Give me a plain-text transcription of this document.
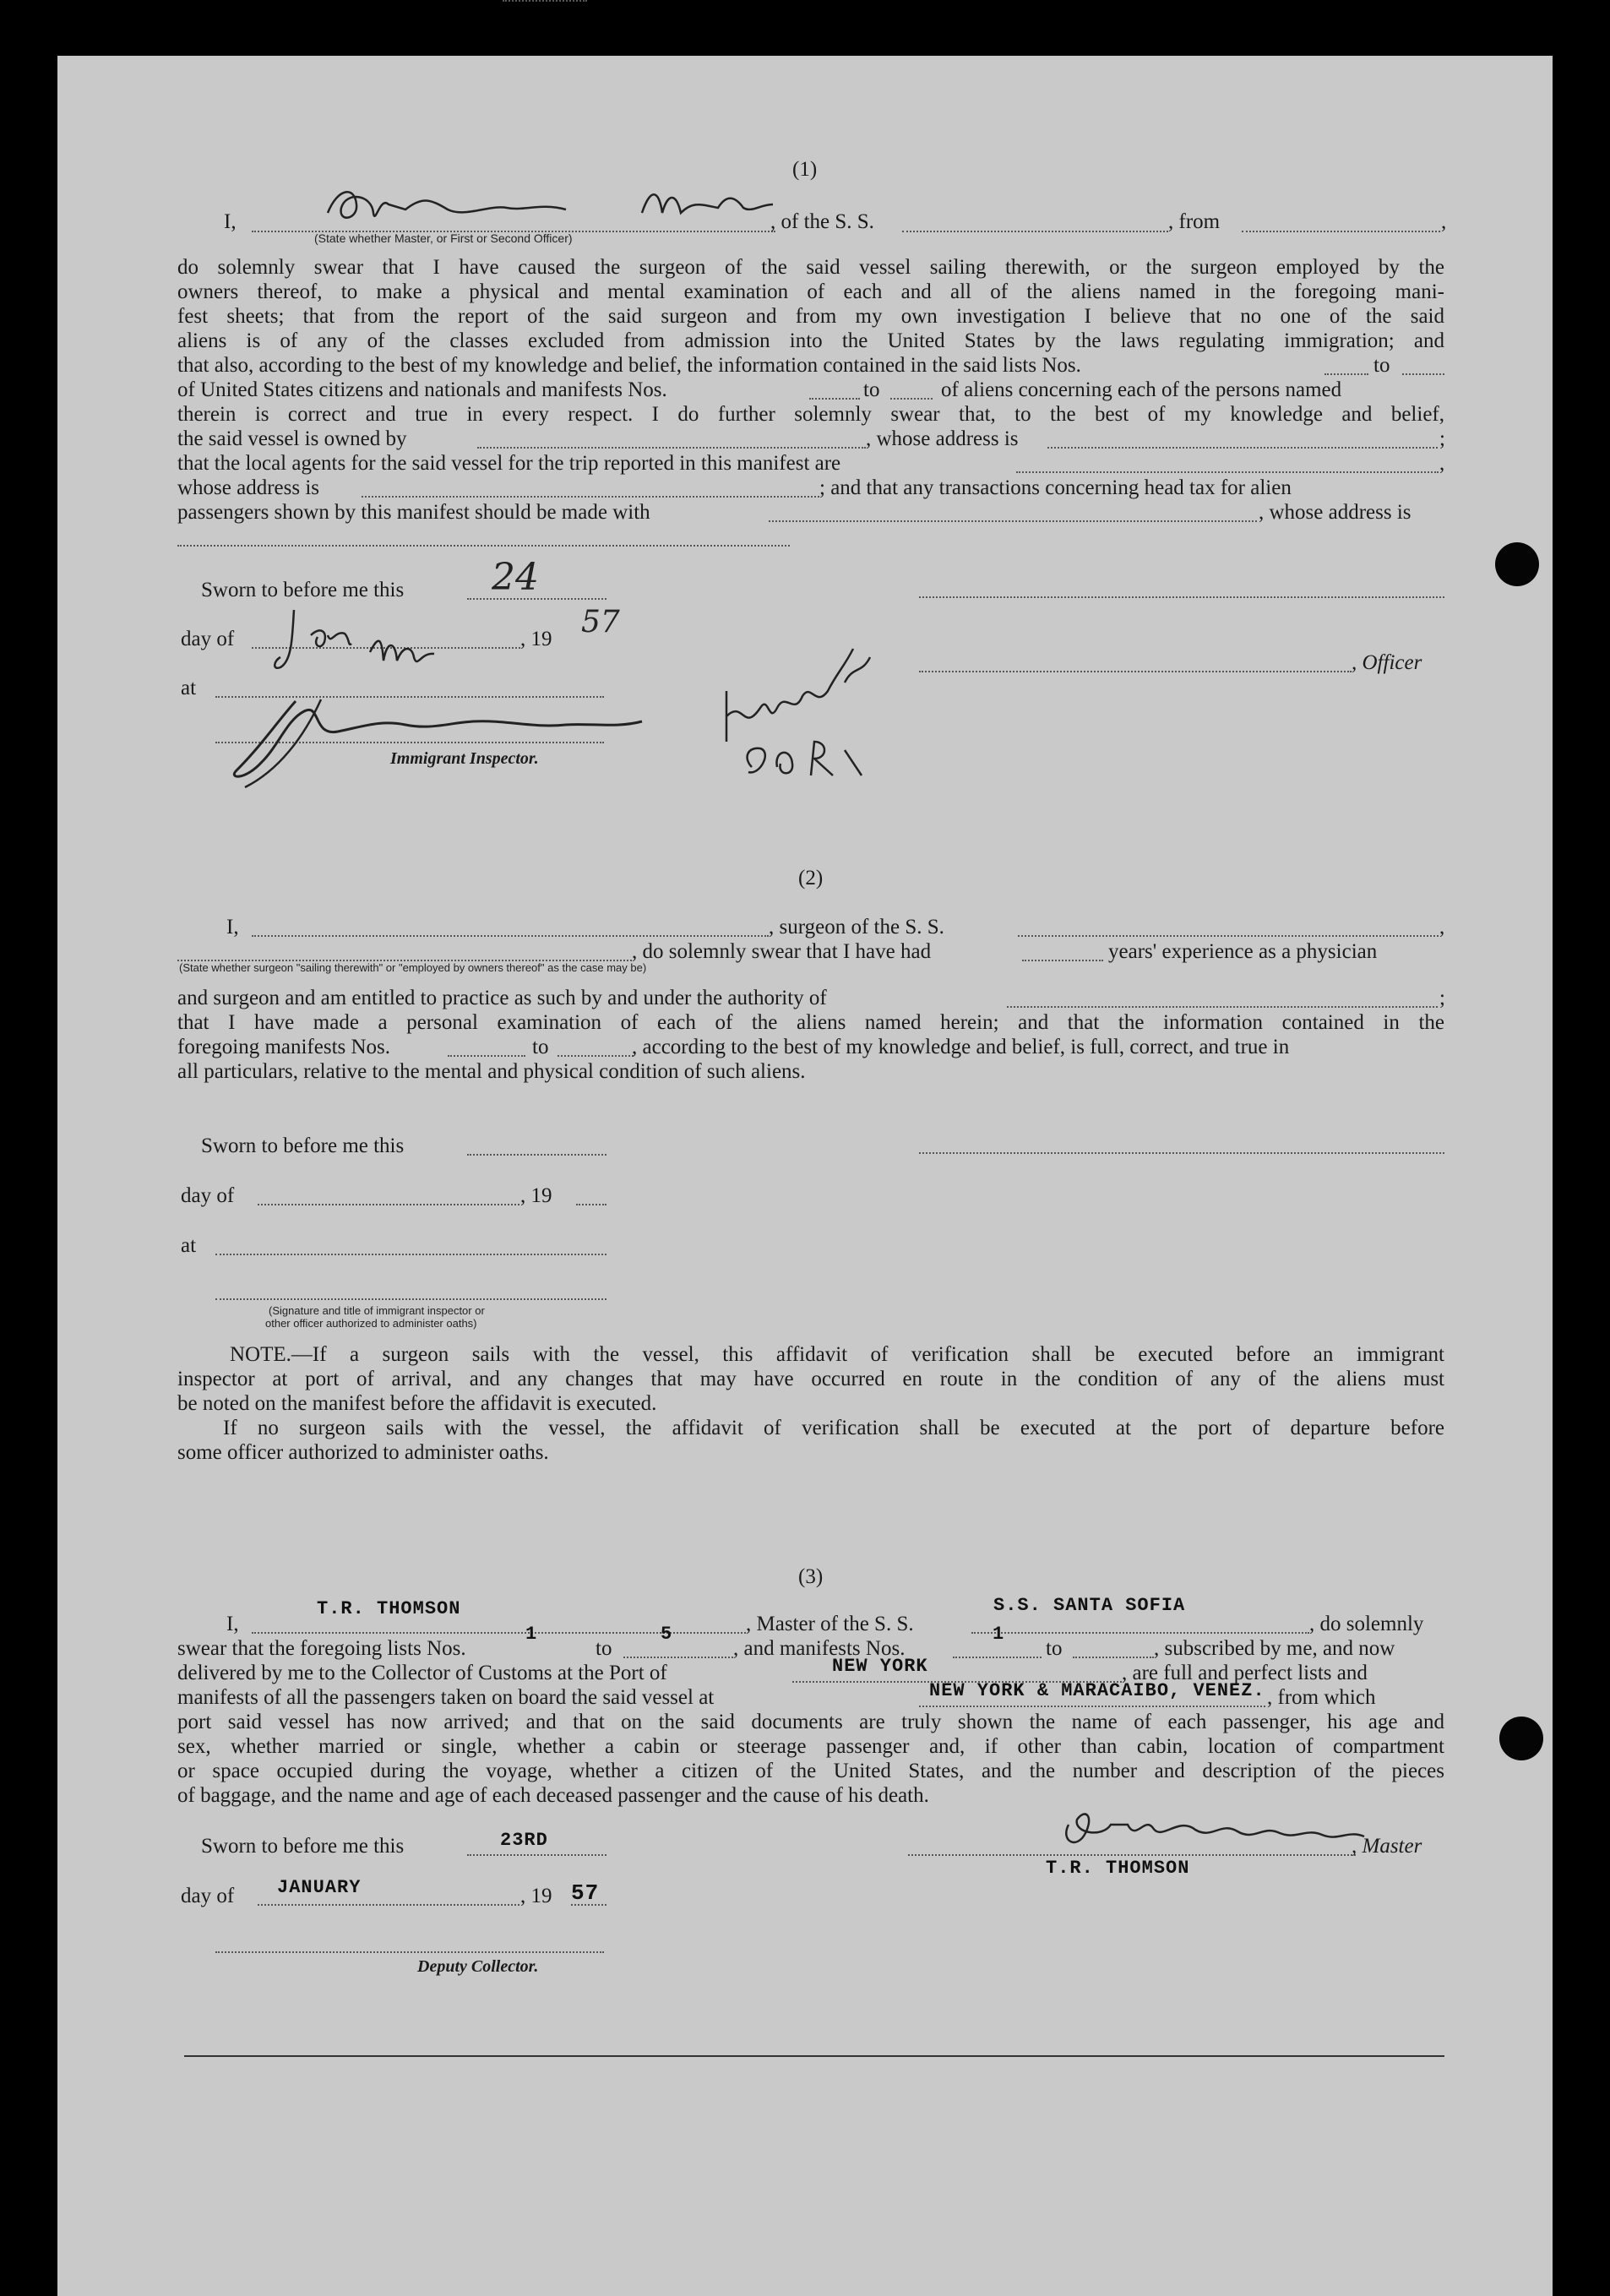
(1)
I,	, of the S. S.	, from	,
(State whether Master, or First or Second Officer)
do solemnly swear that I have caused the surgeon of the said vessel sailing therewith, or the surgeon employed by the
owners thereof, to make a physical and mental examination of each and all of the aliens named in the foregoing mani-
fest sheets; that from the report of the said surgeon and from my own investigation I believe that no one of the said
aliens is of any of the classes excluded from admission into the United States by the laws regulating immigration; and
that also, according to the best of my knowledge and belief, the information contained in the said lists Nos.	to
of United States citizens and nationals and manifests Nos.	to	of aliens concerning each of the persons named
therein is correct and true in every respect. I do further solemnly swear that, to the best of my knowledge and belief,
the said vessel is owned by	, whose address is	;
that the local agents for the said vessel for the trip reported in this manifest are	,
whose address is	; and that any transactions concerning head tax for alien
passengers shown by this manifest should be made with	, whose address is
Sworn to before me this 24
day of	, 19 57
, Officer
at
Immigrant Inspector.
(2)
I,	, surgeon of the S. S.	,
, do solemnly swear that I have had	years' experience as a physician
(State whether surgeon "sailing therewith" or "employed by owners thereof" as the case may be)
and surgeon and am entitled to practice as such by and under the authority of	;
that I have made a personal examination of each of the aliens named herein; and that the information contained in the
foregoing manifests Nos.	to	, according to the best of my knowledge and belief, is full, correct, and true in
all particulars, relative to the mental and physical condition of such aliens.
Sworn to before me this
day of	, 19
at
(Signature and title of immigrant inspector or
other officer authorized to administer oaths)
NOTE.—If a surgeon sails with the vessel, this affidavit of verification shall be executed before an immigrant
inspector at port of arrival, and any changes that may have occurred en route in the condition of any of the aliens must
be noted on the manifest before the affidavit is executed.
If no surgeon sails with the vessel, the affidavit of verification shall be executed at the port of departure before
some officer authorized to administer oaths.
(3)
I,
T.R. THOMSON
, Master of the S. S.
S.S. SANTA SOFIA
, do solemnly
swear that the foregoing lists Nos.
1
to
5
, and manifests Nos.
1
to	, subscribed by me, and now
delivered by me to the Collector of Customs at the Port of	NEW YORK	, are full and perfect lists and
manifests of all the passengers taken on board the said vessel at	NEW YORK & MARACAIBO, VENEZ. , from which
port said vessel has now arrived; and that on the said documents are truly shown the name of each passenger, his age and
sex, whether married or single, whether a cabin or steerage passenger and, if other than cabin, location of compartment
or space occupied during the voyage, whether a citizen of the United States, and the number and description of the pieces
of baggage, and the name and age of each deceased passenger and the cause of his death.
Sworn to before me this	23RD	, Master
T.R. THOMSON
day of JANUARY	, 19 57
Deputy Collector.
